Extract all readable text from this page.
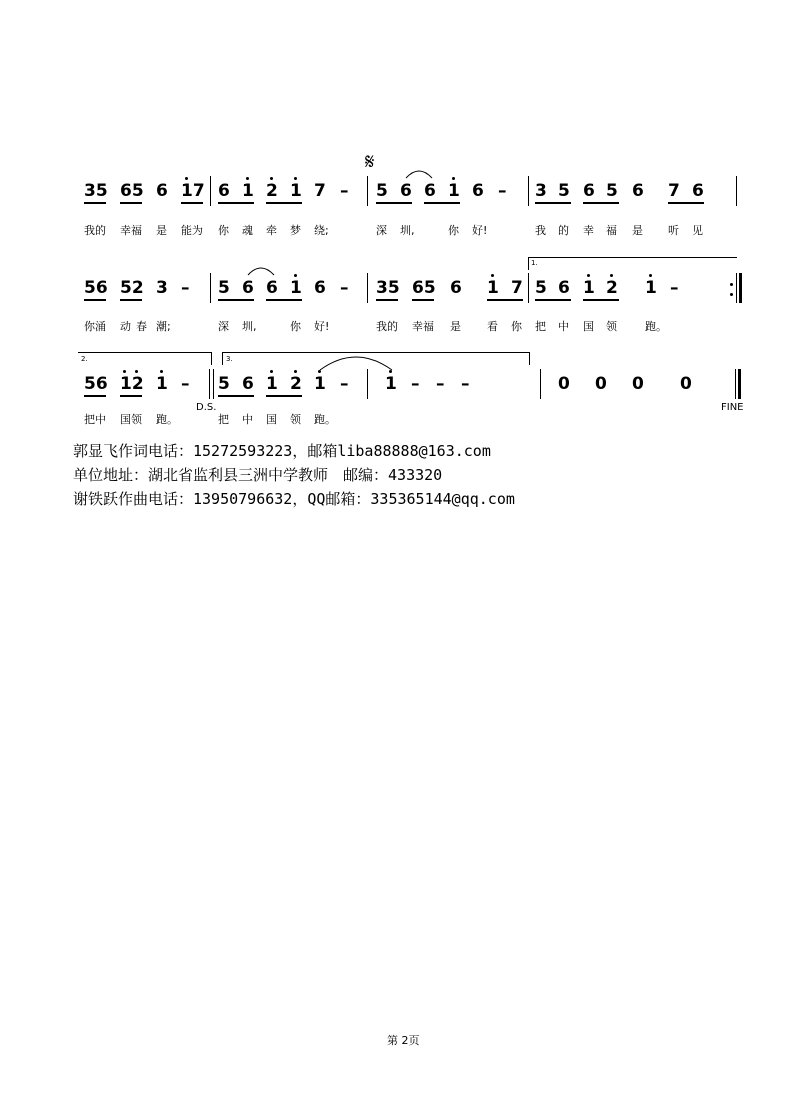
35 65 6 17 6 1 2 1 7 –
𝄋
5 6 6 1 6 – 3 5 6 5 6 7 6
我的 幸福 是 能为 你 魂 牵 梦 绕;	深 圳,	你 好!	我 的 幸 福 是 听 见
1.
56 52 3 – 5 6 6 1 6 – 35 65 6 1 7 5 6 1 2 1 –
你涌 动 春 潮;	深 圳,	你 好!	我的 幸福 是 看 你 把 中 国 领	跑。
2.	3.
56 12 1 – 5 6 1 2 1 – 1 – – –	0 0 0 0
D.S.	FINE
把中 国领 跑。	把 中 国 领 跑。
郭显飞作词电话：15272593223，邮箱liba88888@163.com
单位地址：湖北省监利县三洲中学教师　邮编：433320
谢铁跃作曲电话：13950796632，QQ邮箱：335365144@qq.com
第 2页
